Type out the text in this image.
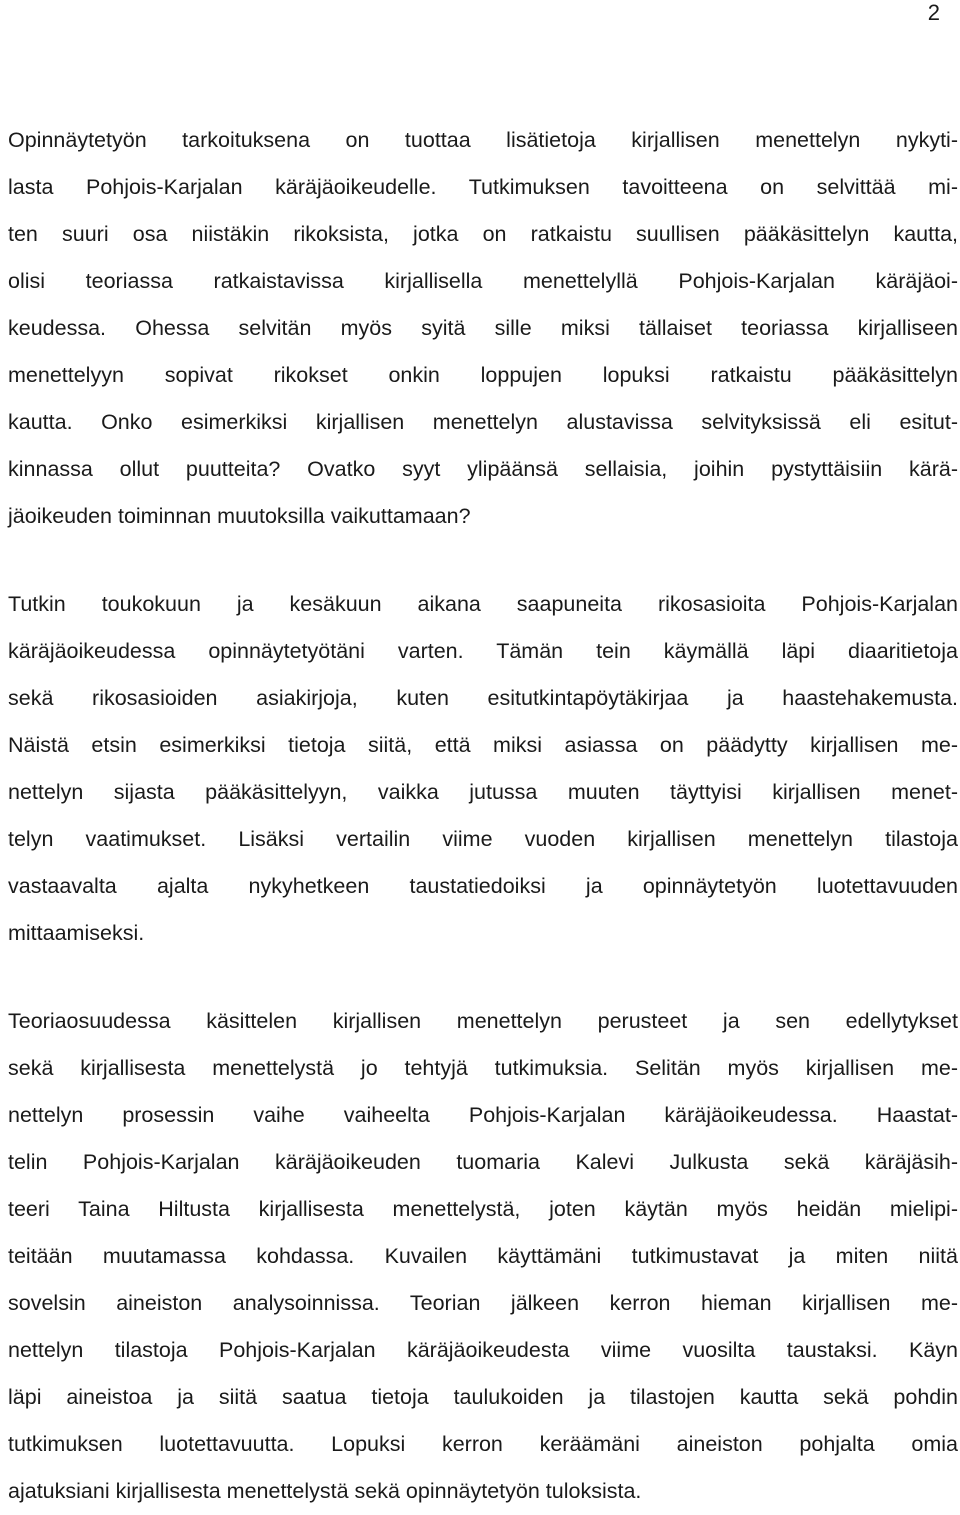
2
Opinnäytetyön tarkoituksena on tuottaa lisätietoja kirjallisen menettelyn nykyti-
lasta Pohjois-Karjalan käräjäoikeudelle. Tutkimuksen tavoitteena on selvittää mi-
ten suuri osa niistäkin rikoksista, jotka on ratkaistu suullisen pääkäsittelyn kautta,
olisi teoriassa ratkaistavissa kirjallisella menettelyllä Pohjois-Karjalan käräjäoi-
keudessa. Ohessa selvitän myös syitä sille miksi tällaiset teoriassa kirjalliseen
menettelyyn sopivat rikokset onkin loppujen lopuksi ratkaistu pääkäsittelyn
kautta. Onko esimerkiksi kirjallisen menettelyn alustavissa selvityksissä eli esitut-
kinnassa ollut puutteita? Ovatko syyt ylipäänsä sellaisia, joihin pystyttäisiin kärä-
jäoikeuden toiminnan muutoksilla vaikuttamaan?
Tutkin toukokuun ja kesäkuun aikana saapuneita rikosasioita Pohjois-Karjalan
käräjäoikeudessa opinnäytetyötäni varten. Tämän tein käymällä läpi diaaritietoja
sekä rikosasioiden asiakirjoja, kuten esitutkintapöytäkirjaa ja haastehakemusta.
Näistä etsin esimerkiksi tietoja siitä, että miksi asiassa on päädytty kirjallisen me-
nettelyn sijasta pääkäsittelyyn, vaikka jutussa muuten täyttyisi kirjallisen menet-
telyn vaatimukset. Lisäksi vertailin viime vuoden kirjallisen menettelyn tilastoja
vastaavalta ajalta nykyhetkeen taustatiedoiksi ja opinnäytetyön luotettavuuden
mittaamiseksi.
Teoriaosuudessa käsittelen kirjallisen menettelyn perusteet ja sen edellytykset
sekä kirjallisesta menettelystä jo tehtyjä tutkimuksia. Selitän myös kirjallisen me-
nettelyn prosessin vaihe vaiheelta Pohjois-Karjalan käräjäoikeudessa. Haastat-
telin Pohjois-Karjalan käräjäoikeuden tuomaria Kalevi Julkusta sekä käräjäsih-
teeri Taina Hiltusta kirjallisesta menettelystä, joten käytän myös heidän mielipi-
teitään muutamassa kohdassa. Kuvailen käyttämäni tutkimustavat ja miten niitä
sovelsin aineiston analysoinnissa. Teorian jälkeen kerron hieman kirjallisen me-
nettelyn tilastoja Pohjois-Karjalan käräjäoikeudesta viime vuosilta taustaksi. Käyn
läpi aineistoa ja siitä saatua tietoja taulukoiden ja tilastojen kautta sekä pohdin
tutkimuksen luotettavuutta. Lopuksi kerron keräämäni aineiston pohjalta omia
ajatuksiani kirjallisesta menettelystä sekä opinnäytetyön tuloksista.
